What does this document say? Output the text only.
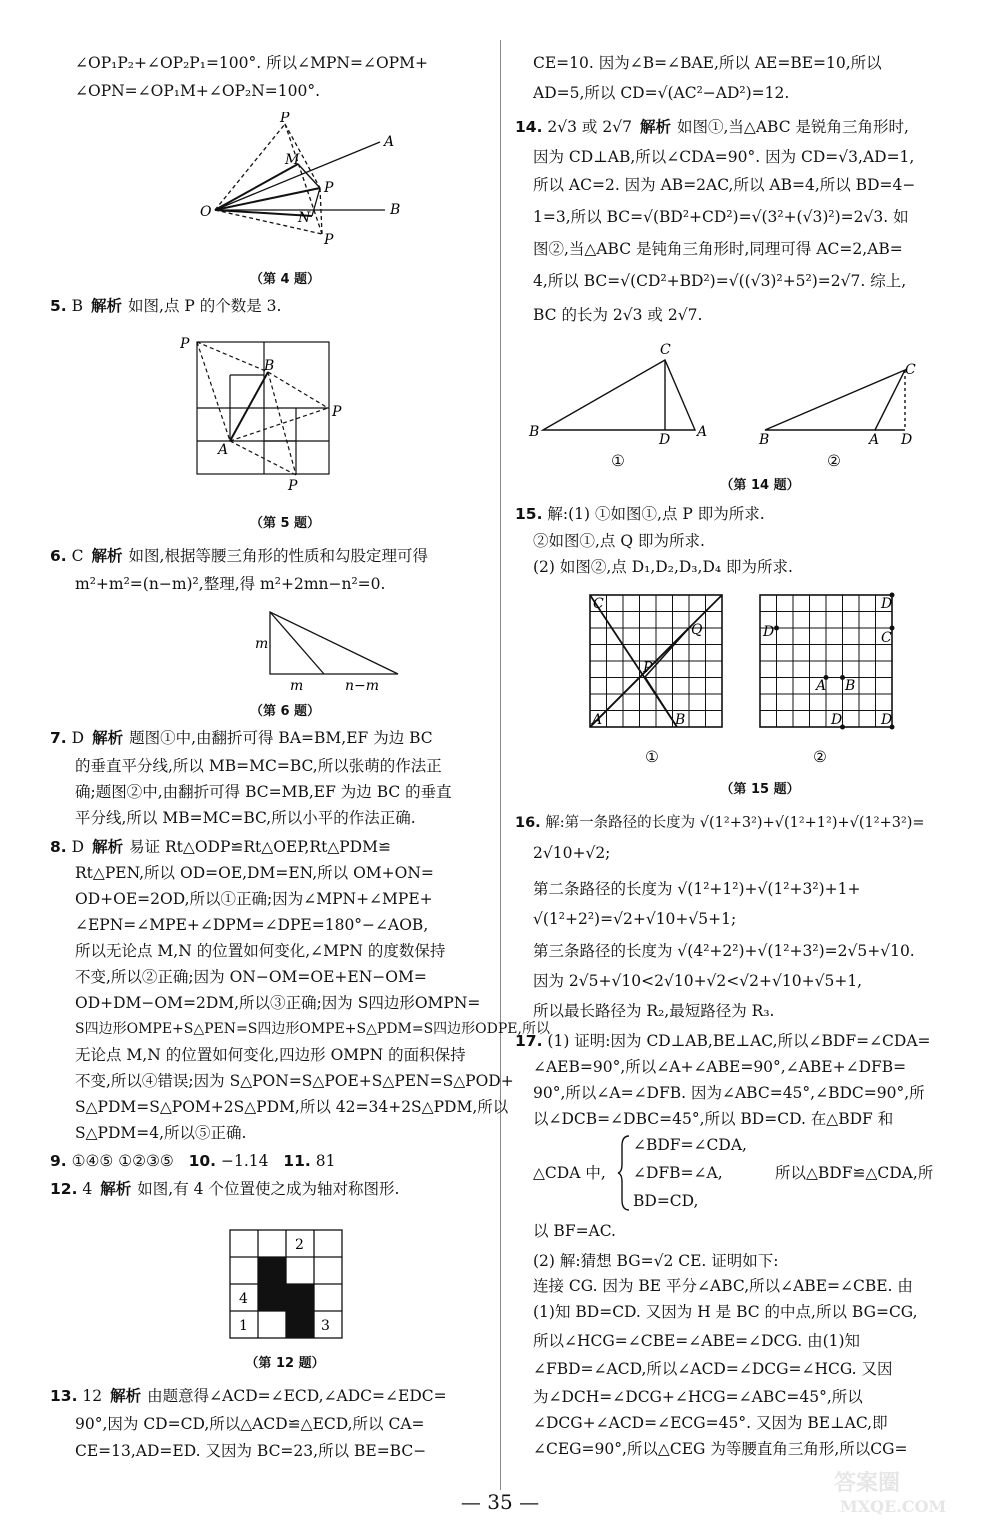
∠OP₁P₂+∠OP₂P₁=100°. 所以∠MPN=∠OPM+
∠OPN=∠OP₁M+∠OP₂N=100°.
O
A
B
P
M
N
P
P
（第 4 题）
5. B 解析 如图,点 P 的个数是 3.
P
B
A
P
P
（第 5 题）
6. C 解析 如图,根据等腰三角形的性质和勾股定理可得
m²+m²=(n−m)²,整理,得 m²+2mn−n²=0.
m
m	n−m
（第 6 题）
7. D 解析 题图①中,由翻折可得 BA=BM,EF 为边 BC
的垂直平分线,所以 MB=MC=BC,所以张萌的作法正
确;题图②中,由翻折可得 BC=MB,EF 为边 BC 的垂直
平分线,所以 MB=MC=BC,所以小平的作法正确.
8. D 解析 易证 Rt△ODP≌Rt△OEP,Rt△PDM≌
Rt△PEN,所以 OD=OE,DM=EN,所以 OM+ON=
OD+OE=2OD,所以①正确;因为∠MPN+∠MPE+
∠EPN=∠MPE+∠DPM=∠DPE=180°−∠AOB,
所以无论点 M,N 的位置如何变化,∠MPN 的度数保持
不变,所以②正确;因为 ON−OM=OE+EN−OM=
OD+DM−OM=2DM,所以③正确;因为 S四边形OMPN=
S四边形OMPE+S△PEN=S四边形OMPE+S△PDM=S四边形ODPE,所以
无论点 M,N 的位置如何变化,四边形 OMPN 的面积保持
不变,所以④错误;因为 S△PON=S△POE+S△PEN=S△POD+
S△PDM=S△POM+2S△PDM,所以 42=34+2S△PDM,所以
S△PDM=4,所以⑤正确.
9. ①④⑤ ①②③⑤ 10. −1.14 11. 81
12. 4 解析 如图,有 4 个位置使之成为轴对称图形.
2
4
1	3
（第 12 题）
13. 12 解析 由题意得∠ACD=∠ECD,∠ADC=∠EDC=
90°,因为 CD=CD,所以△ACD≌△ECD,所以 CA=
CE=13,AD=ED. 又因为 BC=23,所以 BE=BC−
CE=10. 因为∠B=∠BAE,所以 AE=BE=10,所以
AD=5,所以 CD=√(AC²−AD²)=12.
14. 2√3 或 2√7 解析 如图①,当△ABC 是锐角三角形时,
因为 CD⊥AB,所以∠CDA=90°. 因为 CD=√3,AD=1,
所以 AC=2. 因为 AB=2AC,所以 AB=4,所以 BD=4−
1=3,所以 BC=√(BD²+CD²)=√(3²+(√3)²)=2√3. 如
图②,当△ABC 是钝角三角形时,同理可得 AC=2,AB=
4,所以 BC=√(CD²+BD²)=√((√3)²+5²)=2√7. 综上,
BC 的长为 2√3 或 2√7.
B
C
D A	B
C
A D
①	②
（第 14 题）
15. 解:(1) ①如图①,点 P 即为所求.
②如图①,点 Q 即为所求.
(2) 如图②,点 D₁,D₂,D₃,D₄ 即为所求.
C
A	B
Q
P
A B
C
D
D
D	D
①	②
（第 15 题）
16. 解:第一条路径的长度为 √(1²+3²)+√(1²+1²)+√(1²+3²)=
2√10+√2;
第二条路径的长度为 √(1²+1²)+√(1²+3²)+1+
√(1²+2²)=√2+√10+√5+1;
第三条路径的长度为 √(4²+2²)+√(1²+3²)=2√5+√10.
因为 2√5+√10<2√10+√2<√2+√10+√5+1,
所以最长路径为 R₂,最短路径为 R₃.
17. (1) 证明:因为 CD⊥AB,BE⊥AC,所以∠BDF=∠CDA=
∠AEB=90°,所以∠A+∠ABE=90°,∠ABE+∠DFB=
90°,所以∠A=∠DFB. 因为∠ABC=45°,∠BDC=90°,所
以∠DCB=∠DBC=45°,所以 BD=CD. 在△BDF 和
△CDA 中,
∠BDF=∠CDA,
∠DFB=∠A,
BD=CD,
所以△BDF≌△CDA,所
以 BF=AC.
(2) 解:猜想 BG=√2 CE. 证明如下:
连接 CG. 因为 BE 平分∠ABC,所以∠ABE=∠CBE. 由
(1)知 BD=CD. 又因为 H 是 BC 的中点,所以 BG=CG,
所以∠HCG=∠CBE=∠ABE=∠DCG. 由(1)知
∠FBD=∠ACD,所以∠ACD=∠DCG=∠HCG. 又因
为∠DCH=∠DCG+∠HCG=∠ABC=45°,所以
∠DCG+∠ACD=∠ECG=45°. 又因为 BE⊥AC,即
∠CEG=90°,所以△CEG 为等腰直角三角形,所以CG=
— 35 —
答案圈
MXQE.COM
